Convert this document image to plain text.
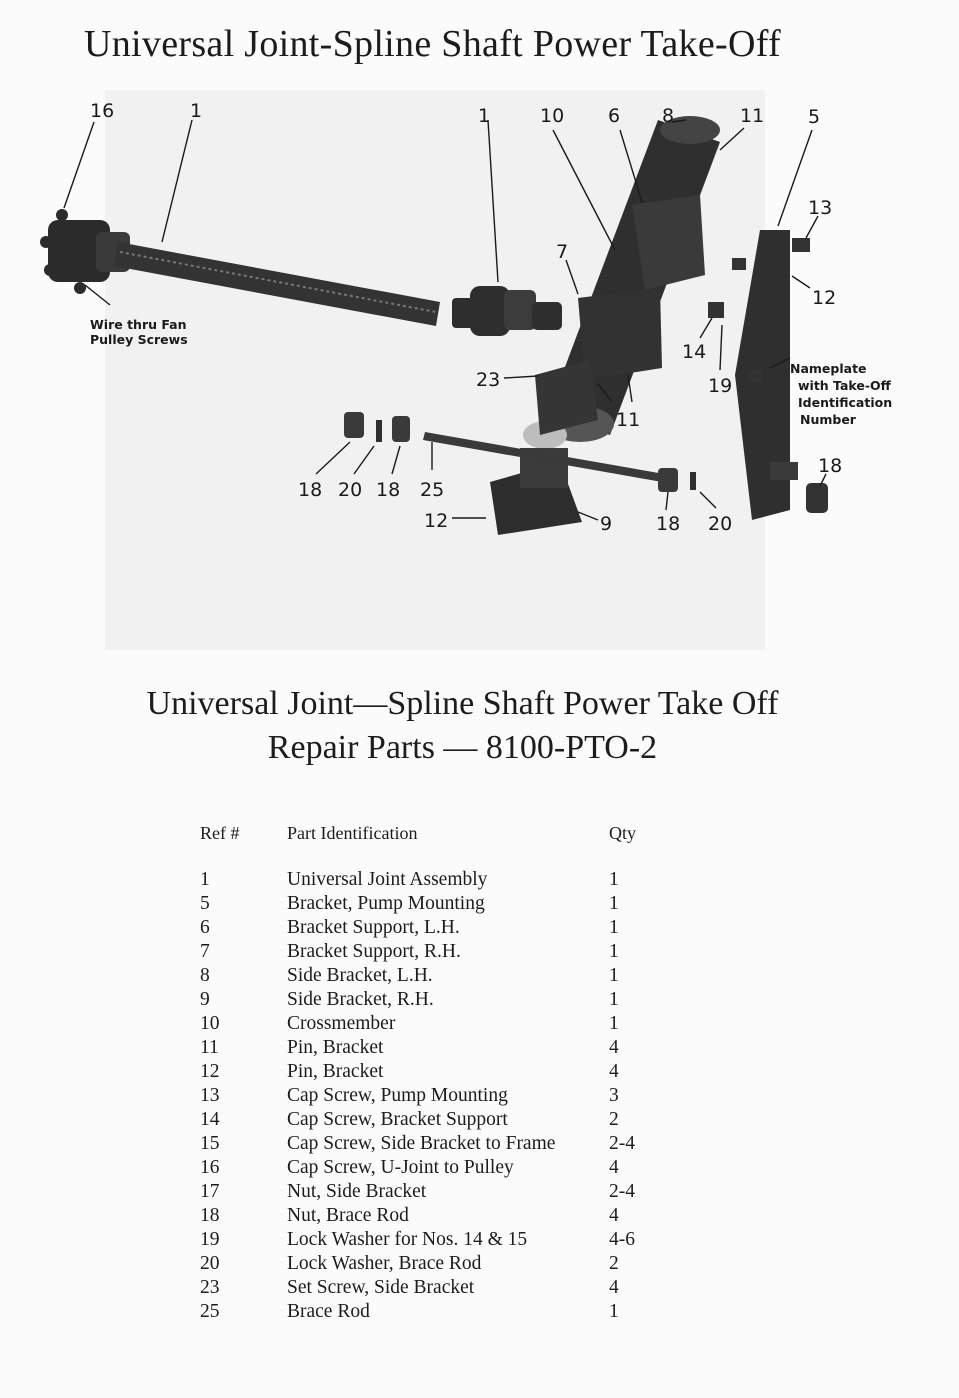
Universal Joint-Spline Shaft Power Take-Off
16	1	1	10 6 8	11 5
13
7
12
14
19
23
11
18 20 18 25
12	9 18 20
18
Wire thru Fan
Pulley Screws
Nameplate
with Take-Off
Identification
Number
Universal Joint—Spline Shaft Power Take Off
Repair Parts — 8100-PTO-2
Ref #	Part Identification	Qty

1	Universal Joint Assembly	1
5	Bracket, Pump Mounting	1
6	Bracket Support, L.H.	1
7	Bracket Support, R.H.	1
8	Side Bracket, L.H.	1
9	Side Bracket, R.H.	1
10	Crossmember	1
11	Pin, Bracket	4
12	Pin, Bracket	4
13	Cap Screw, Pump Mounting	3
14	Cap Screw, Bracket Support	2
15	Cap Screw, Side Bracket to Frame	2-4
16	Cap Screw, U-Joint to Pulley	4
17	Nut, Side Bracket	2-4
18	Nut, Brace Rod	4
19	Lock Washer for Nos. 14 & 15	4-6
20	Lock Washer, Brace Rod	2
23	Set Screw, Side Bracket	4
25	Brace Rod	1
